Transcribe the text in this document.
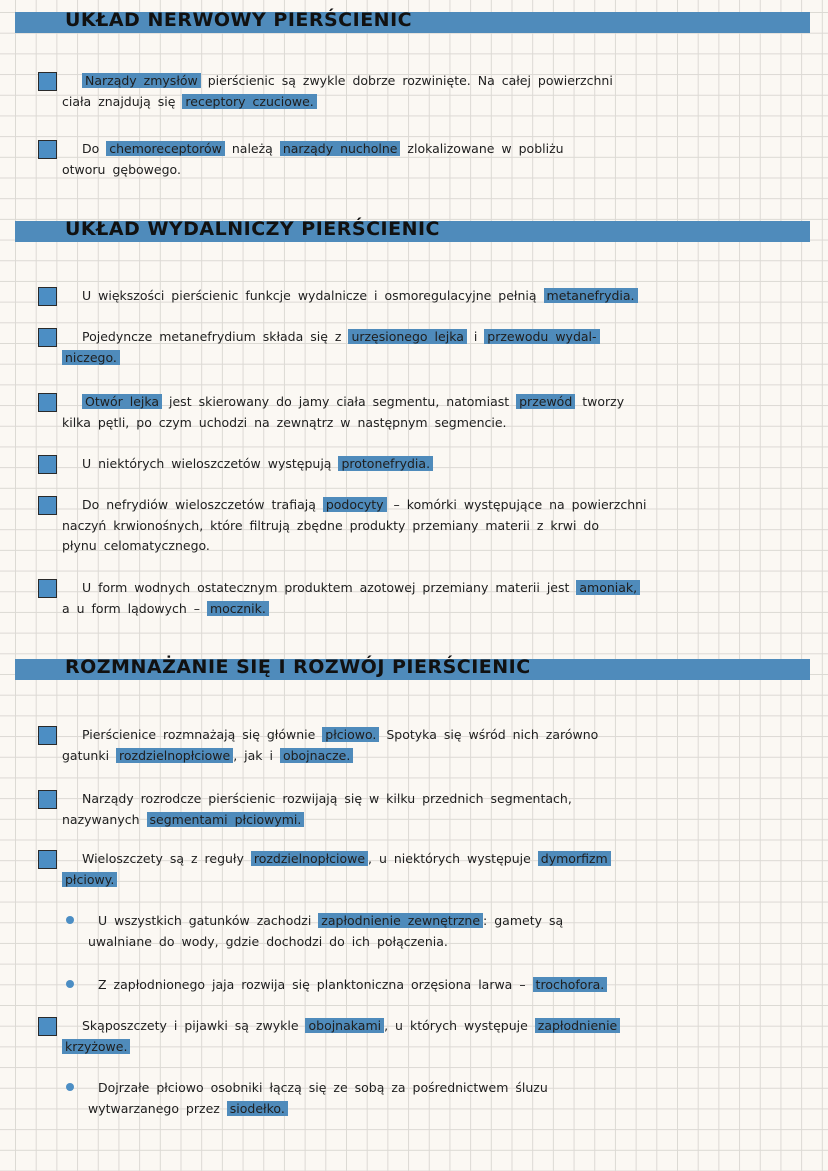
UKŁAD NERWOWY PIERŚCIENIC
UKŁAD WYDALNICZY PIERŚCIENIC
ROZMNAŻANIE SIĘ I ROZWÓJ PIERŚCIENIC
Narządy zmysłów pierścienic są zwykle dobrze rozwinięte. Na całej powierzchni
ciała znajdują się receptory czuciowe.
Do chemoreceptorów należą narządy nucholne zlokalizowane w pobliżu
otworu gębowego.
U większości pierścienic funkcje wydalnicze i osmoregulacyjne pełnią metanefrydia.
Pojedyncze metanefrydium składa się z urzęsionego lejka i przewodu wydal-
niczego.
Otwór lejka jest skierowany do jamy ciała segmentu, natomiast przewód tworzy
kilka pętli, po czym uchodzi na zewnątrz w następnym segmencie.
U niektórych wieloszczetów występują protonefrydia.
Do nefrydiów wieloszczetów trafiają podocyty – komórki występujące na powierzchni
naczyń krwionośnych, które filtrują zbędne produkty przemiany materii z krwi do
płynu celomatycznego.
U form wodnych ostatecznym produktem azotowej przemiany materii jest amoniak,
a u form lądowych – mocznik.
Pierścienice rozmnażają się głównie płciowo. Spotyka się wśród nich zarówno
gatunki rozdzielnopłciowe , jak i obojnacze.
Narządy rozrodcze pierścienic rozwijają się w kilku przednich segmentach,
nazywanych segmentami płciowymi.
Wieloszczety są z reguły rozdzielnopłciowe , u niektórych występuje dymorfizm
płciowy.
U wszystkich gatunków zachodzi zapłodnienie zewnętrzne : gamety są
uwalniane do wody, gdzie dochodzi do ich połączenia.
Z zapłodnionego jaja rozwija się planktoniczna orzęsiona larwa – trochofora.
Skąposzczety i pijawki są zwykle obojnakami , u których występuje zapłodnienie
krzyżowe.
Dojrzałe płciowo osobniki łączą się ze sobą za pośrednictwem śluzu
wytwarzanego przez siodełko.
